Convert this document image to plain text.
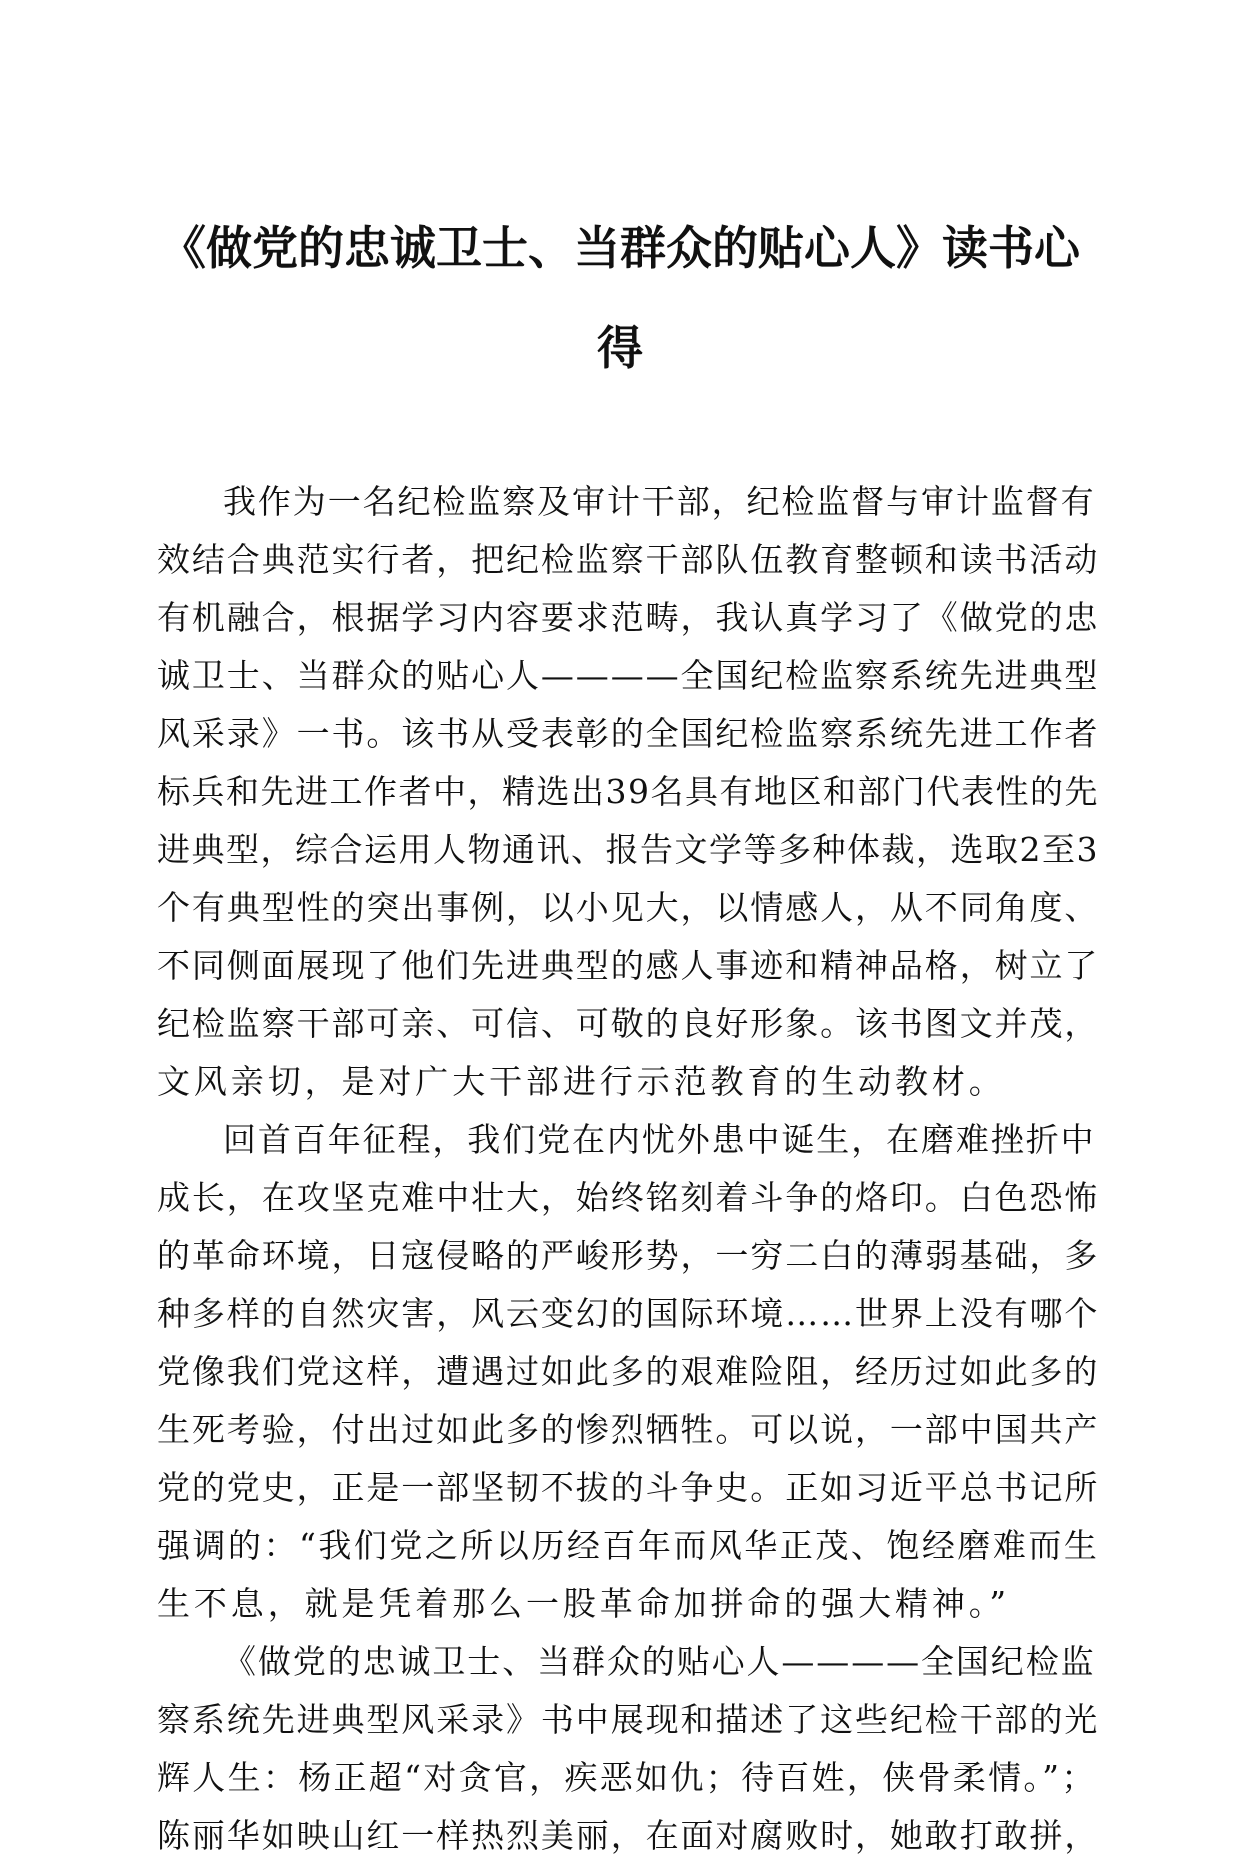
《做党的忠诚卫士、当群众的贴心人》读书心
得
我作为一名纪检监察及审计干部，纪检监督与审计监督有
效结合典范实行者，把纪检监察干部队伍教育整顿和读书活动
有机融合，根据学习内容要求范畴，我认真学习了《做党的忠
诚卫士、当群众的贴心人————全国纪检监察系统先进典型
风采录》一书。该书从受表彰的全国纪检监察系统先进工作者
标兵和先进工作者中，精选出39名具有地区和部门代表性的先
进典型，综合运用人物通讯、报告文学等多种体裁，选取2至3
个有典型性的突出事例，以小见大，以情感人，从不同角度、
不同侧面展现了他们先进典型的感人事迹和精神品格，树立了
纪检监察干部可亲、可信、可敬的良好形象。该书图文并茂，
文风亲切，是对广大干部进行示范教育的生动教材。
回首百年征程，我们党在内忧外患中诞生，在磨难挫折中
成长，在攻坚克难中壮大，始终铭刻着斗争的烙印。白色恐怖
的革命环境，日寇侵略的严峻形势，一穷二白的薄弱基础，多
种多样的自然灾害，风云变幻的国际环境……世界上没有哪个
党像我们党这样，遭遇过如此多的艰难险阻，经历过如此多的
生死考验，付出过如此多的惨烈牺牲。可以说，一部中国共产
党的党史，正是一部坚韧不拔的斗争史。正如习近平总书记所
强调的：“我们党之所以历经百年而风华正茂、饱经磨难而生
生不息，就是凭着那么一股革命加拼命的强大精神。”
《做党的忠诚卫士、当群众的贴心人————全国纪检监
察系统先进典型风采录》书中展现和描述了这些纪检干部的光
辉人生：杨正超“对贪官，疾恶如仇；待百姓，侠骨柔情。”；
陈丽华如映山红一样热烈美丽，在面对腐败时，她敢打敢拼，
